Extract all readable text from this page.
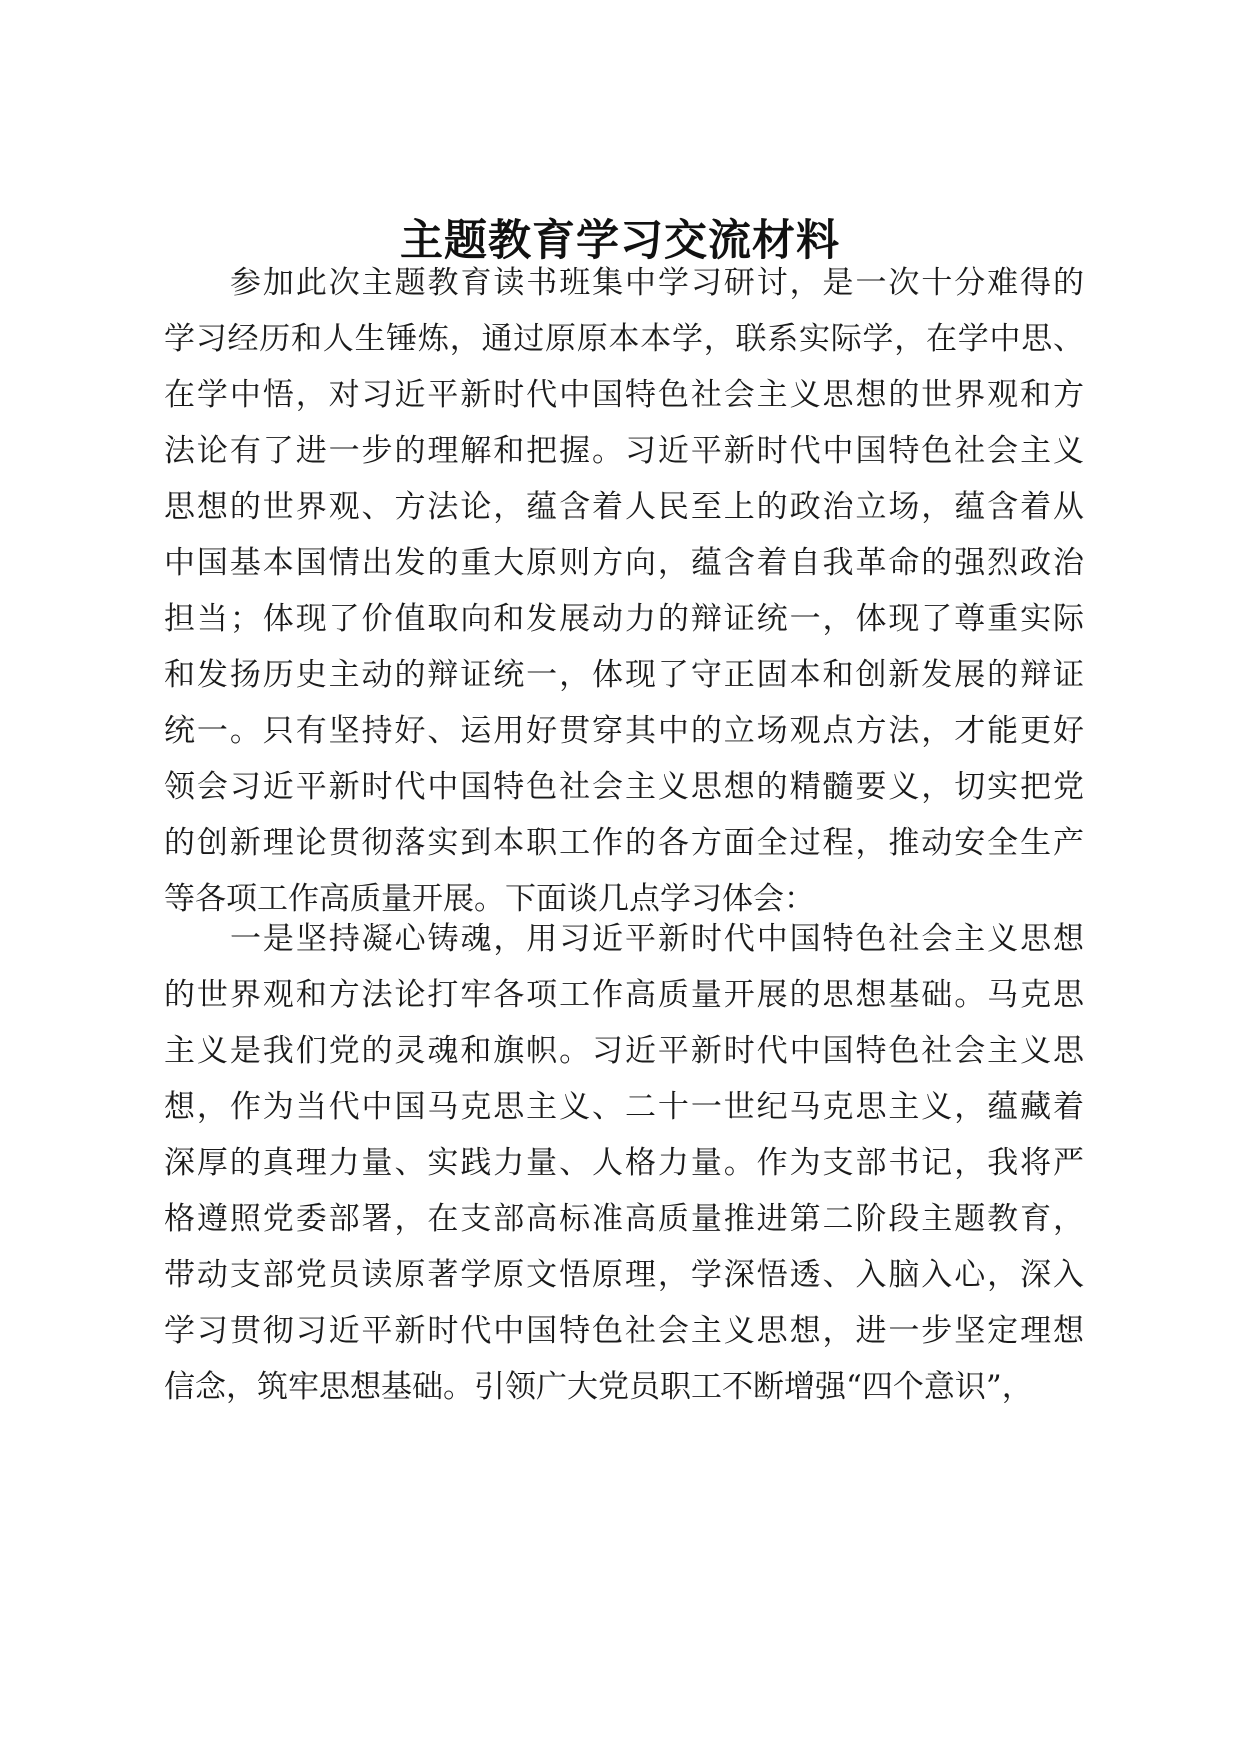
主题教育学习交流材料
参加此次主题教育读书班集中学习研讨，是一次十分难得的
学习经历和人生锤炼，通过原原本本学，联系实际学，在学中思、
在学中悟，对习近平新时代中国特色社会主义思想的世界观和方
法论有了进一步的理解和把握。习近平新时代中国特色社会主义
思想的世界观、方法论，蕴含着人民至上的政治立场，蕴含着从
中国基本国情出发的重大原则方向，蕴含着自我革命的强烈政治
担当；体现了价值取向和发展动力的辩证统一，体现了尊重实际
和发扬历史主动的辩证统一，体现了守正固本和创新发展的辩证
统一。只有坚持好、运用好贯穿其中的立场观点方法，才能更好
领会习近平新时代中国特色社会主义思想的精髓要义，切实把党
的创新理论贯彻落实到本职工作的各方面全过程，推动安全生产
等各项工作高质量开展。下面谈几点学习体会：
一是坚持凝心铸魂，用习近平新时代中国特色社会主义思想
的世界观和方法论打牢各项工作高质量开展的思想基础。马克思
主义是我们党的灵魂和旗帜。习近平新时代中国特色社会主义思
想，作为当代中国马克思主义、二十一世纪马克思主义，蕴藏着
深厚的真理力量、实践力量、人格力量。作为支部书记，我将严
格遵照党委部署，在支部高标准高质量推进第二阶段主题教育，
带动支部党员读原著学原文悟原理，学深悟透、入脑入心，深入
学习贯彻习近平新时代中国特色社会主义思想，进一步坚定理想
信念，筑牢思想基础。引领广大党员职工不断增强“四个意识”，
